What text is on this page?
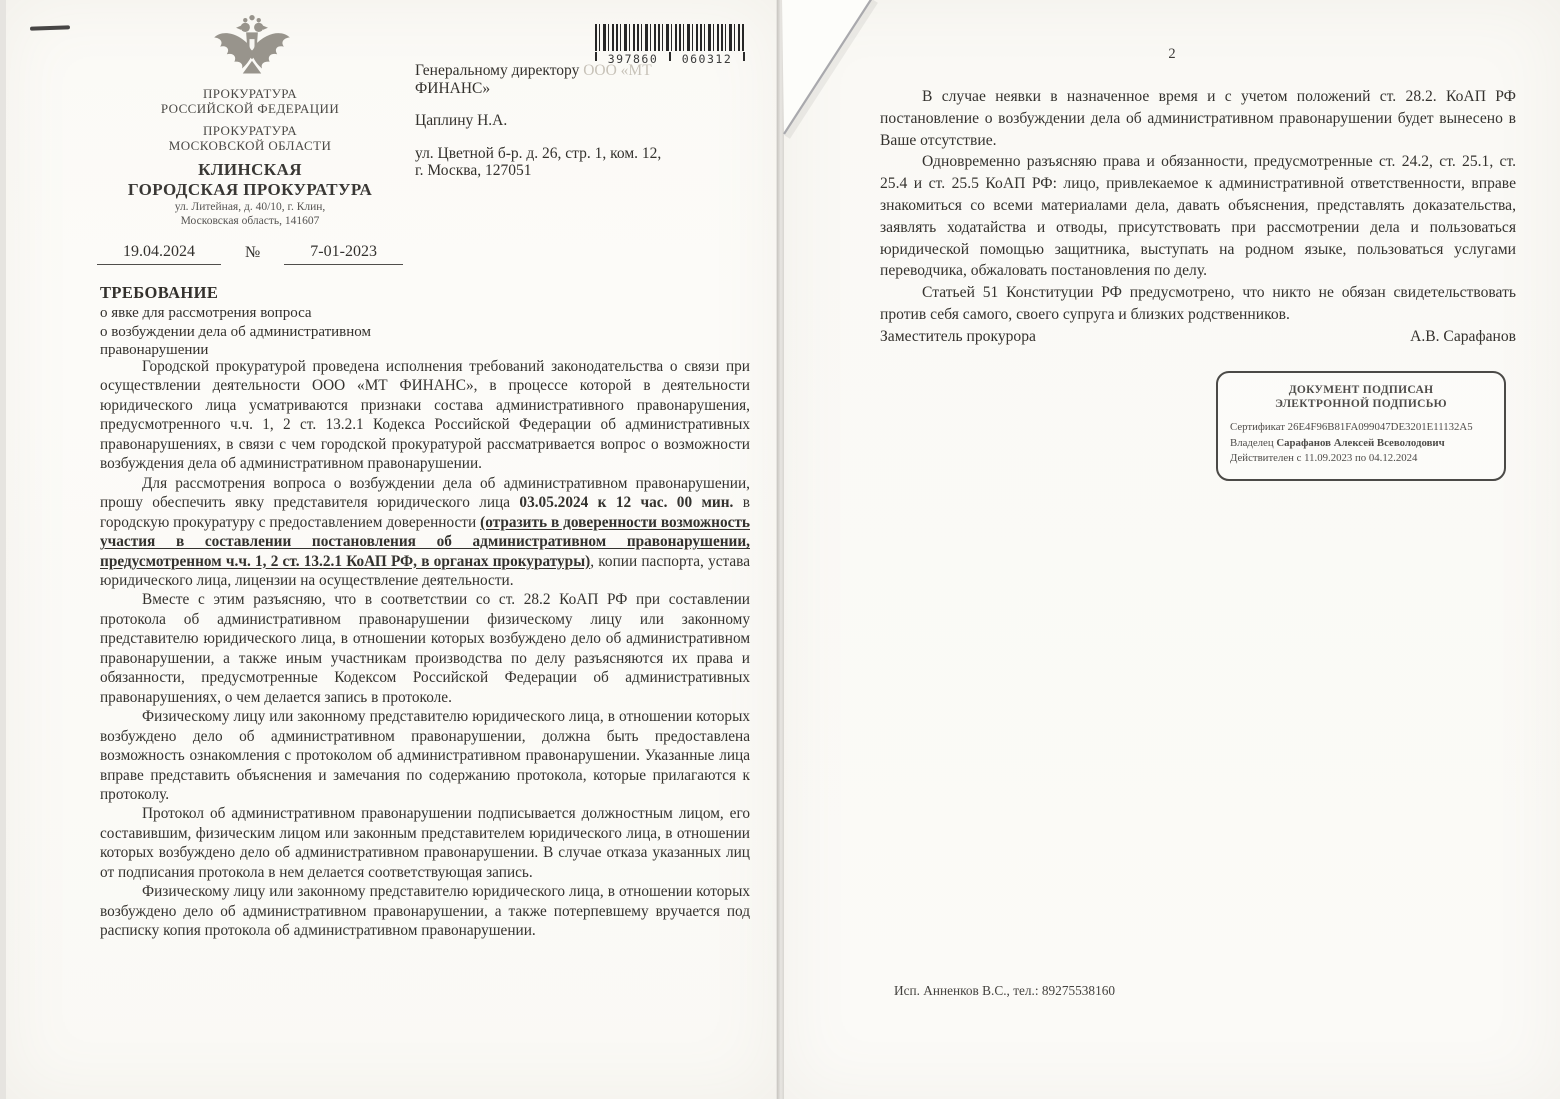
ПРОКУРАТУРА
РОССИЙСКОЙ ФЕДЕРАЦИИ
ПРОКУРАТУРА
МОСКОВСКОЙ ОБЛАСТИ
КЛИНСКАЯ
ГОРОДСКАЯ ПРОКУРАТУРА
ул. Литейная, д. 40/10, г. Клин,
Московская область, 141607
19.04.2024	№	7-01-2023
397860 060312
Генеральному директору ООО «МТ
ФИНАНС»
Цаплину Н.А.
ул. Цветной б-р. д. 26, стр. 1, ком. 12,
г. Москва, 127051
ТРЕБОВАНИЕ
о явке для рассмотрения вопроса
о возбуждении дела об административном
правонарушении

Городской прокуратурой проведена исполнения требований законодательства о связи при осуществлении деятельности ООО «МТ ФИНАНС», в процессе которой в деятельности юридического лица усматриваются признаки состава административного правонарушения, предусмотренного ч.ч. 1, 2 ст. 13.2.1 Кодекса Российской Федерации об административных правонарушениях, в связи с чем городской прокуратурой рассматривается вопрос о возможности возбуждения дела об административном правонарушении.

Для рассмотрения вопроса о возбуждении дела об административном правонарушении, прошу обеспечить явку представителя юридического лица 03.05.2024 к 12 час. 00 мин. в городскую прокуратуру с предоставлением доверенности (отразить в доверенности возможность участия в составлении постановления об административном правонарушении, предусмотренном ч.ч. 1, 2 ст. 13.2.1 КоАП РФ, в органах прокуратуры), копии паспорта, устава юридического лица, лицензии на осуществление деятельности.

Вместе с этим разъясняю, что в соответствии со ст. 28.2 КоАП РФ при составлении протокола об административном правонарушении физическому лицу или законному представителю юридического лица, в отношении которых возбуждено дело об административном правонарушении, а также иным участникам производства по делу разъясняются их права и обязанности, предусмотренные Кодексом Российской Федерации об административных правонарушениях, о чем делается запись в протоколе.

Физическому лицу или законному представителю юридического лица, в отношении которых возбуждено дело об административном правонарушении, должна быть предоставлена возможность ознакомления с протоколом об административном правонарушении. Указанные лица вправе представить объяснения и замечания по содержанию протокола, которые прилагаются к протоколу.

Протокол об административном правонарушении подписывается должностным лицом, его составившим, физическим лицом или законным представителем юридического лица, в отношении которых возбуждено дело об административном правонарушении. В случае отказа указанных лиц от подписания протокола в нем делается соответствующая запись.

Физическому лицу или законному представителю юридического лица, в отношении которых возбуждено дело об административном правонарушении, а также потерпевшему вручается под расписку копия протокола об административном правонарушении.

2

В случае неявки в назначенное время и с учетом положений ст. 28.2. КоАП РФ постановление о возбуждении дела об административном правонарушении будет вынесено в Ваше отсутствие.

Одновременно разъясняю права и обязанности, предусмотренные ст. 24.2, ст. 25.1, ст. 25.4 и ст. 25.5 КоАП РФ: лицо, привлекаемое к административной ответственности, вправе знакомиться со всеми материалами дела, давать объяснения, представлять доказательства, заявлять ходатайства и отводы, присутствовать при рассмотрении дела и пользоваться юридической помощью защитника, выступать на родном языке, пользоваться услугами переводчика, обжаловать постановления по делу.

Статьей 51 Конституции РФ предусмотрено, что никто не обязан свидетельствовать против себя самого, своего супруга и близких родственников.

Заместитель прокурора	А.В. Сарафанов
ДОКУМЕНТ ПОДПИСАН
ЭЛЕКТРОННОЙ ПОДПИСЬЮ
Сертификат 26E4F96B81FA099047DE3201E11132A5
Владелец Сарафанов Алексей Всеволодович
Действителен с 11.09.2023 по 04.12.2024
Исп. Анненков В.С., тел.: 89275538160
